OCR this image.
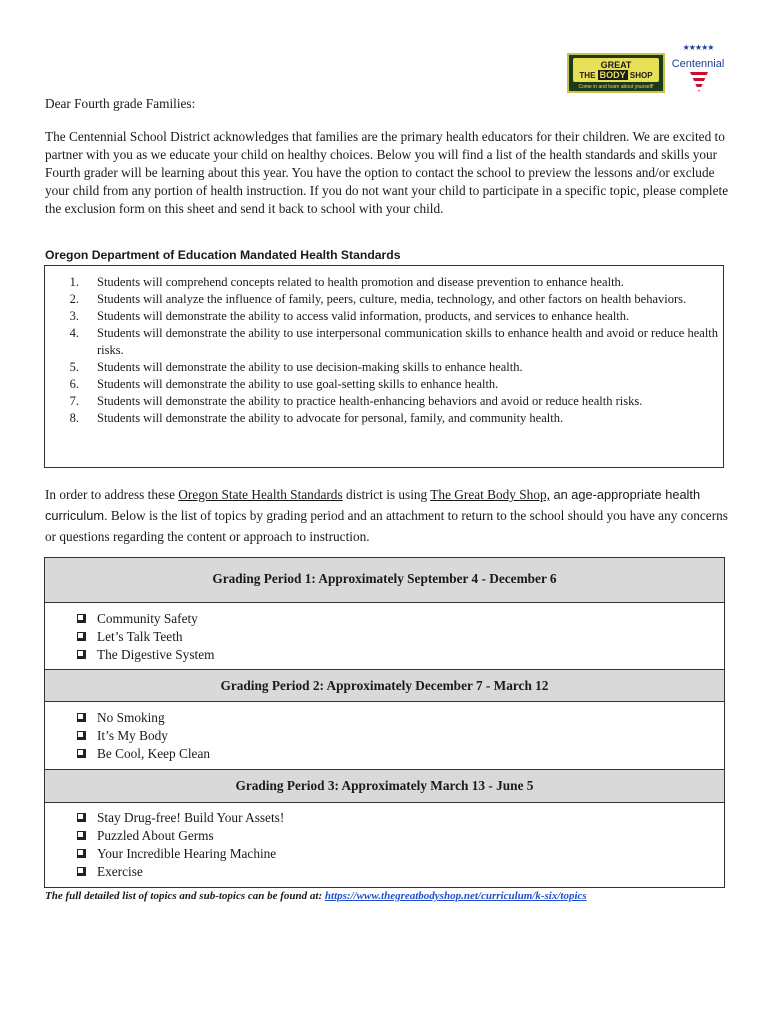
GREAT
THE BODY SHOP
Come in and learn about yourself!
★★★★★
Centennial

Dear Fourth grade Families:

The Centennial School District acknowledges that families are the primary health educators for their children. We are excited to partner with you as we educate your child on healthy choices. Below you will find a list of the health standards and skills your Fourth grader will be learning about this year. You have the option to contact the school to preview the lessons and/or exclude your child from any portion of health instruction. If you do not want your child to participate in a specific topic, please complete the exclusion form on this sheet and send it back to school with your child.

Oregon Department of Education Mandated Health Standards

1. Students will comprehend concepts related to health promotion and disease prevention to enhance health.
2. Students will analyze the influence of family, peers, culture, media, technology, and other factors on health behaviors.
3. Students will demonstrate the ability to access valid information, products, and services to enhance health.
4. Students will demonstrate the ability to use interpersonal communication skills to enhance health and avoid or reduce health risks.
5. Students will demonstrate the ability to use decision-making skills to enhance health.
6. Students will demonstrate the ability to use goal-setting skills to enhance health.
7. Students will demonstrate the ability to practice health-enhancing behaviors and avoid or reduce health risks.
8. Students will demonstrate the ability to advocate for personal, family, and community health.

In order to address these Oregon State Health Standards district is using The Great Body Shop, an age-appropriate health curriculum. Below is the list of topics by grading period and an attachment to return to the school should you have any concerns or questions regarding the content or approach to instruction.

Grading Period 1: Approximately September 4 - December 6
Community Safety
Let’s Talk Teeth
The Digestive System
Grading Period 2: Approximately December 7 - March 12
No Smoking
It’s My Body
Be Cool, Keep Clean
Grading Period 3: Approximately March 13 - June 5
Stay Drug-free! Build Your Assets!
Puzzled About Germs
Your Incredible Hearing Machine
Exercise

The full detailed list of topics and sub-topics can be found at: https://www.thegreatbodyshop.net/curriculum/k-six/topics
